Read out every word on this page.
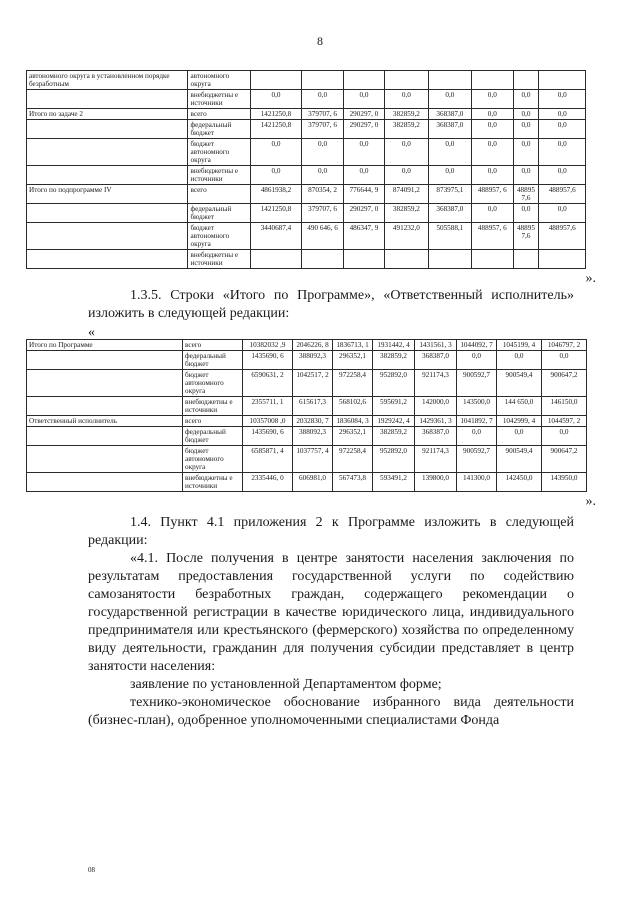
8
автономного округа в установленном порядке безработным	автономного округа								
	внебюджетны е источники	0,0	0,0	0,0	0,0	0,0	0,0	0,0	0,0
Итого по задаче 2	всего	1421250,8	379707, 6	290297, 0	382859,2	368387,0	0,0	0,0	0,0
	федеральный бюджет	1421250,8	379707, 6	290297, 0	382859,2	368387,0	0,0	0,0	0,0
	бюджет автономного округа	0,0	0,0	0,0	0,0	0,0	0,0	0,0	0,0
	внебюджетны е источники	0,0	0,0	0,0	0,0	0,0	0,0	0,0	0,0
Итого по подпрограмме IV	всего	4861938,2	870354, 2	776644, 9	874091,2	873975,1	488957, 6	48895 7,6	488957,6
	федеральный бюджет	1421250,8	379707, 6	290297, 0	382859,2	368387,0	0,0	0,0	0,0
	бюджет автономного округа	3440687,4	490 646, 6	486347, 9	491232,0	505588,1	488957, 6	48895 7,6	488957,6
	внебюджетны е источники								
».

1.3.5. Строки «Итого по Программе», «Ответственный исполнитель» изложить в следующей редакции:

«
Итого по Программе	всего	10382032 ,9	2046226, 8	1836713, 1	1931442, 4	1431561, 3	1044092, 7	1045199, 4	1046797, 2
	федеральный бюджет	1435690, 6	388092,3	296352,1	382859,2	368387,0	0,0	0,0	0,0
	бюджет автономного округа	6590631, 2	1042517, 2	972258,4	952892,0	921174,3	900592,7	900549,4	900647,2
	внебюджетны е источники	2355711, 1	615617,3	568102,6	595691,2	142000,0	143500,0	144 650,0	146150,0
Ответственный исполнитель	всего	10357008 ,0	2032830, 7	1836084, 3	1929242, 4	1429361, 3	1041892, 7	1042999, 4	1044597, 2
	федеральный бюджет	1435690, 6	388092,3	296352,1	382859,2	368387,0	0,0	0,0	0,0
	бюджет автономного округа	6585871, 4	1037757, 4	972258,4	952892,0	921174,3	900592,7	900549,4	900647,2
	внебюджетны е источники	2335446, 0	606981,0	567473,8	593491,2	139800,0	141300,0	142450,0	143950,0
».

1.4. Пункт 4.1 приложения 2 к Программе изложить в следующей редакции:

«4.1. После получения в центре занятости населения заключения по результатам предоставления государственной услуги по содействию самозанятости безработных граждан, содержащего рекомендации о государственной регистрации в качестве юридического лица, индивидуального предпринимателя или крестьянского (фермерского) хозяйства по определенному виду деятельности, гражданин для получения субсидии представляет в центр занятости населения:

заявление по установленной Департаментом форме;

технико-экономическое обоснование избранного вида деятельности (бизнес-план), одобренное уполномоченными специалистами Фонда

08
